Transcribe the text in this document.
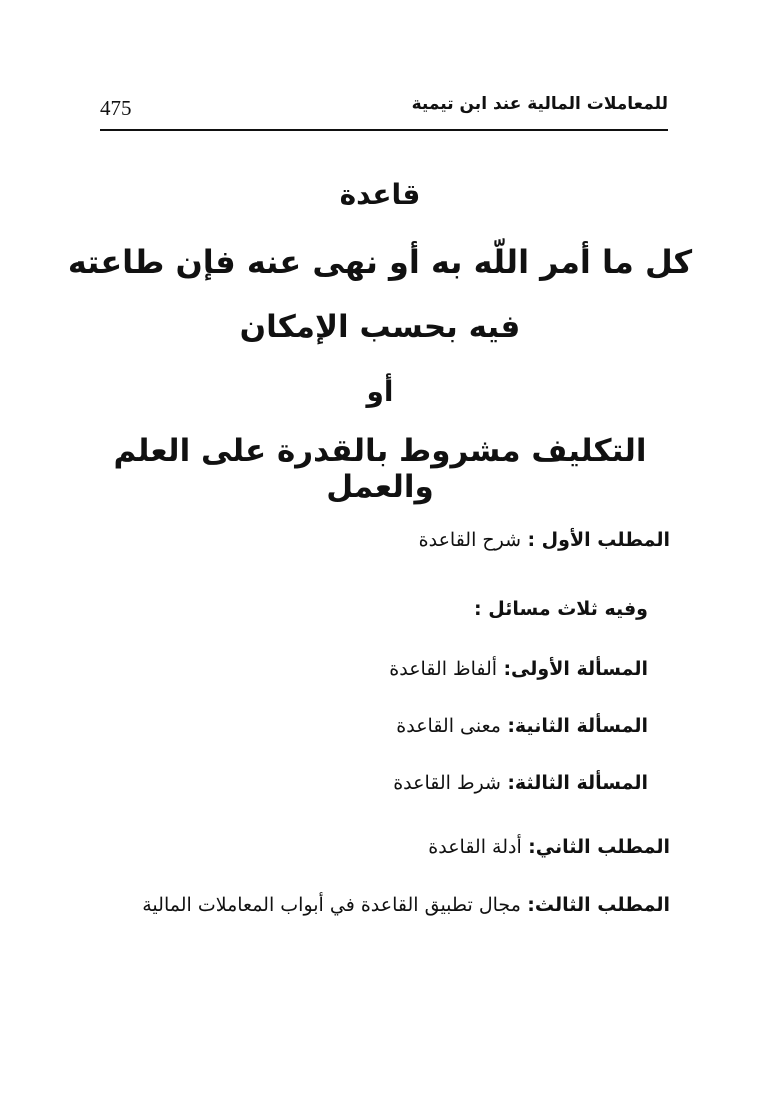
475	للمعاملات المالية عند ابن تيمية
قاعدة
كل ما أمر اللّه به أو نهى عنه فإن طاعته
فيه بحسب الإمكان
أو
التكليف مشروط بالقدرة على العلم والعمل
المطلب الأول : شرح القاعدة
وفيه ثلاث مسائل :
المسألة الأولى: ألفاظ القاعدة
المسألة الثانية: معنى القاعدة
المسألة الثالثة: شرط القاعدة
المطلب الثاني: أدلة القاعدة
المطلب الثالث: مجال تطبيق القاعدة في أبواب المعاملات المالية
